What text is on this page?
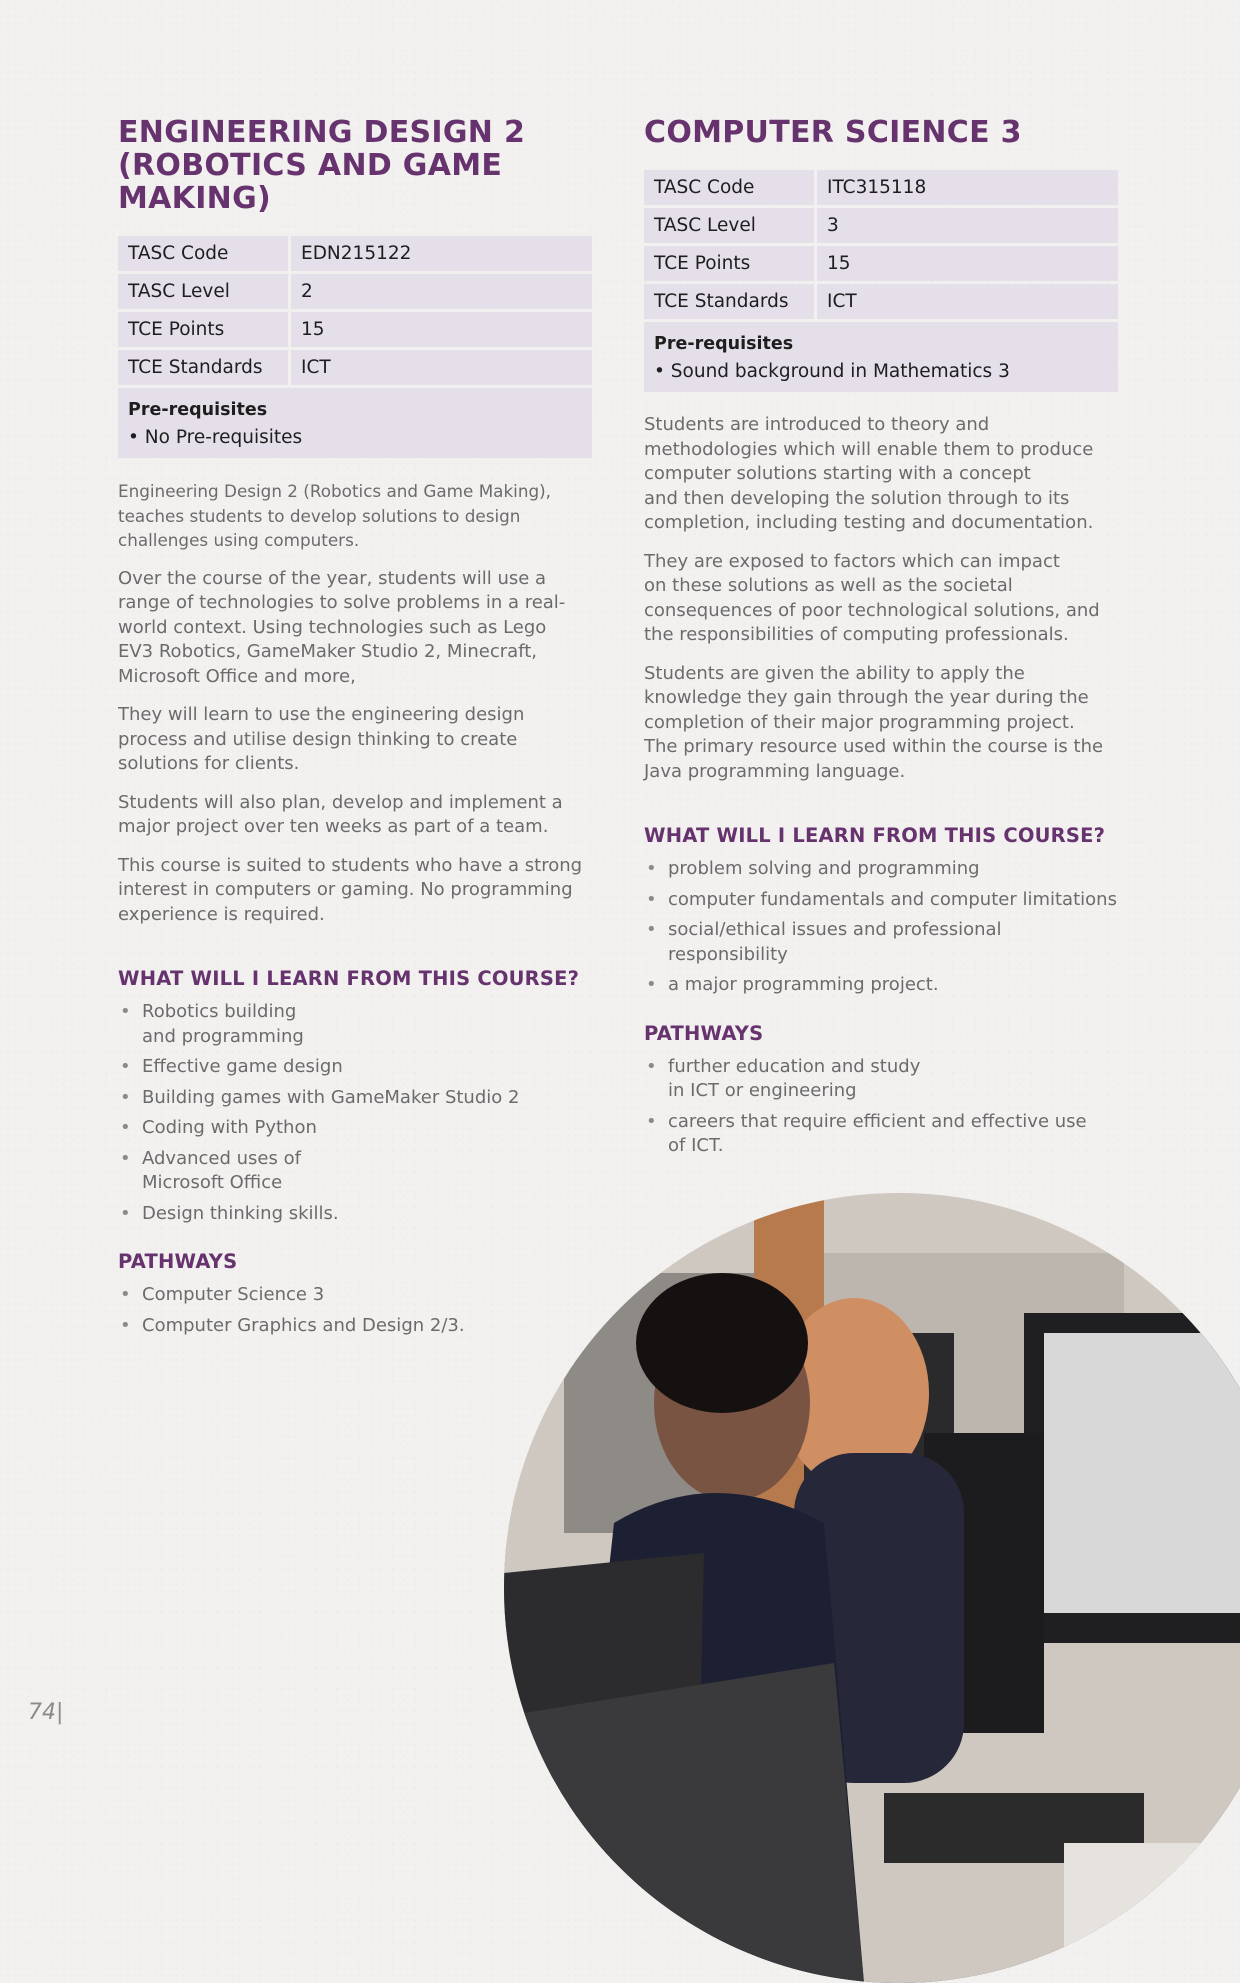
ENGINEERING DESIGN 2
(ROBOTICS AND GAME
MAKING)
TASC Code	EDN215122
TASC Level	2
TCE Points	15
TCE Standards	ICT

Pre-requisites
• No Pre-requisites	

Engineering Design 2 (Robotics and Game Making),
teaches students to develop solutions to design
challenges using computers.

Over the course of the year, students will use a
range of technologies to solve problems in a real-
world context. Using technologies such as Lego
EV3 Robotics, GameMaker Studio 2, Minecraft,
Microsoft Office and more,

They will learn to use the engineering design
process and utilise design thinking to create
solutions for clients.

Students will also plan, develop and implement a
major project over ten weeks as part of a team.

This course is suited to students who have a strong
interest in computers or gaming. No programming
experience is required.

WHAT WILL I LEARN FROM THIS COURSE?
• Robotics building
and programming
• Effective game design
• Building games with GameMaker Studio 2
• Coding with Python
• Advanced uses of
Microsoft Office
• Design thinking skills.
PATHWAYS
• Computer Science 3
• Computer Graphics and Design 2/3.
COMPUTER SCIENCE 3
TASC Code	ITC315118
TASC Level	3
TCE Points	15
TCE Standards	ICT

Pre-requisites
• Sound background in Mathematics 3	

Students are introduced to theory and
methodologies which will enable them to produce
computer solutions starting with a concept
and then developing the solution through to its
completion, including testing and documentation.

They are exposed to factors which can impact
on these solutions as well as the societal
consequences of poor technological solutions, and
the responsibilities of computing professionals.

Students are given the ability to apply the
knowledge they gain through the year during the
completion of their major programming project.
The primary resource used within the course is the
Java programming language.

WHAT WILL I LEARN FROM THIS COURSE?
• problem solving and programming
• computer fundamentals and computer limitations
• social/ethical issues and professional
responsibility
• a major programming project.
PATHWAYS
• further education and study
in ICT or engineering
• careers that require efficient and effective use
of ICT.
74|
